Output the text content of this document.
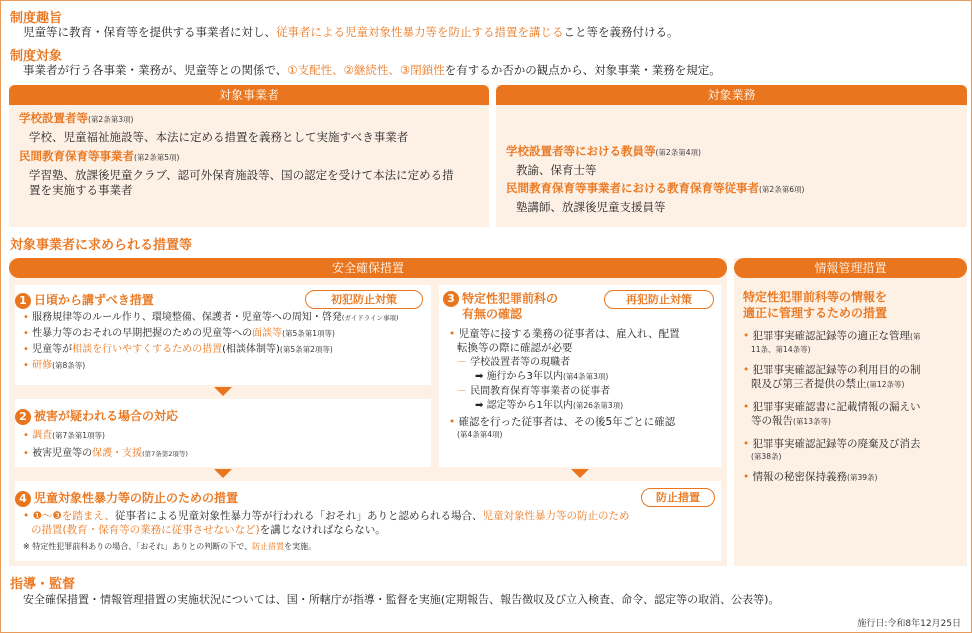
制度趣旨
児童等に教育・保育等を提供する事業者に対し、従事者による児童対象性暴力等を防止する措置を講じること等を義務付ける。
制度対象
事業者が行う各事業・業務が、児童等との関係で、①支配性、②継続性、③閉鎖性を有するか否かの観点から、対象事業・業務を規定。
対象事業者
学校設置者等(第2条第3項)
学校、児童福祉施設等、本法に定める措置を義務として実施すべき事業者
民間教育保育等事業者(第2条第5項)
学習塾、放課後児童クラブ、認可外保育施設等、国の認定を受けて本法に定める措
置を実施する事業者
対象業務
学校設置者等における教員等(第2条第4項)
教諭、保育士等
民間教育保育等事業者における教育保育等従事者(第2条第6項)
塾講師、放課後児童支援員等
対象事業者に求められる措置等
安全確保措置
1 日頃から講ずべき措置	初犯防止対策
• 服務規律等のルール作り、環境整備、保護者・児童等への周知・啓発(ガイドライン事項)
• 性暴力等のおそれの早期把握のための児童等への面談等(第5条第1項等)
• 児童等が相談を行いやすくするための措置(相談体制等)(第5条第2項等)
• 研修(第8条等)
2 被害が疑われる場合の対応
• 調査(第7条第1項等)
• 被害児童等の保護・支援(第7条第2項等)
3 特定性犯罪前科の
有無の確認
再犯防止対策
• 児童等に接する業務の従事者は、雇入れ、配置
転換等の際に確認が必要
－ 学校設置者等の現職者
➡ 施行から3年以内(第4条第3項)
－ 民間教育保育等事業者の従事者
➡ 認定等から1年以内(第26条第3項)
• 確認を行った従事者は、その後5年ごとに確認
(第4条第4項)
4 児童対象性暴力等の防止のための措置	防止措置
• ❶〜❸を踏まえ、従事者による児童対象性暴力等が行われる「おそれ」ありと認められる場合、児童対象性暴力等の防止のため
の措置(教育・保育等の業務に従事させないなど)を講じなければならない。
※ 特定性犯罪前科ありの場合、「おそれ」ありとの判断の下で、防止措置を実施。
情報管理措置
特定性犯罪前科等の情報を
適正に管理するための措置
• 犯罪事実確認記録等の適正な管理(第
11条、第14条等)
• 犯罪事実確認記録等の利用目的の制
限及び第三者提供の禁止(第12条等)
• 犯罪事実確認書に記載情報の漏えい
等の報告(第13条等)
• 犯罪事実確認記録等の廃棄及び消去
(第38条)
• 情報の秘密保持義務(第39条)
指導・監督
安全確保措置・情報管理措置の実施状況については、国・所轄庁が指導・監督を実施(定期報告、報告徴収及び立入検査、命令、認定等の取消、公表等)。
施行日:令和8年12月25日
